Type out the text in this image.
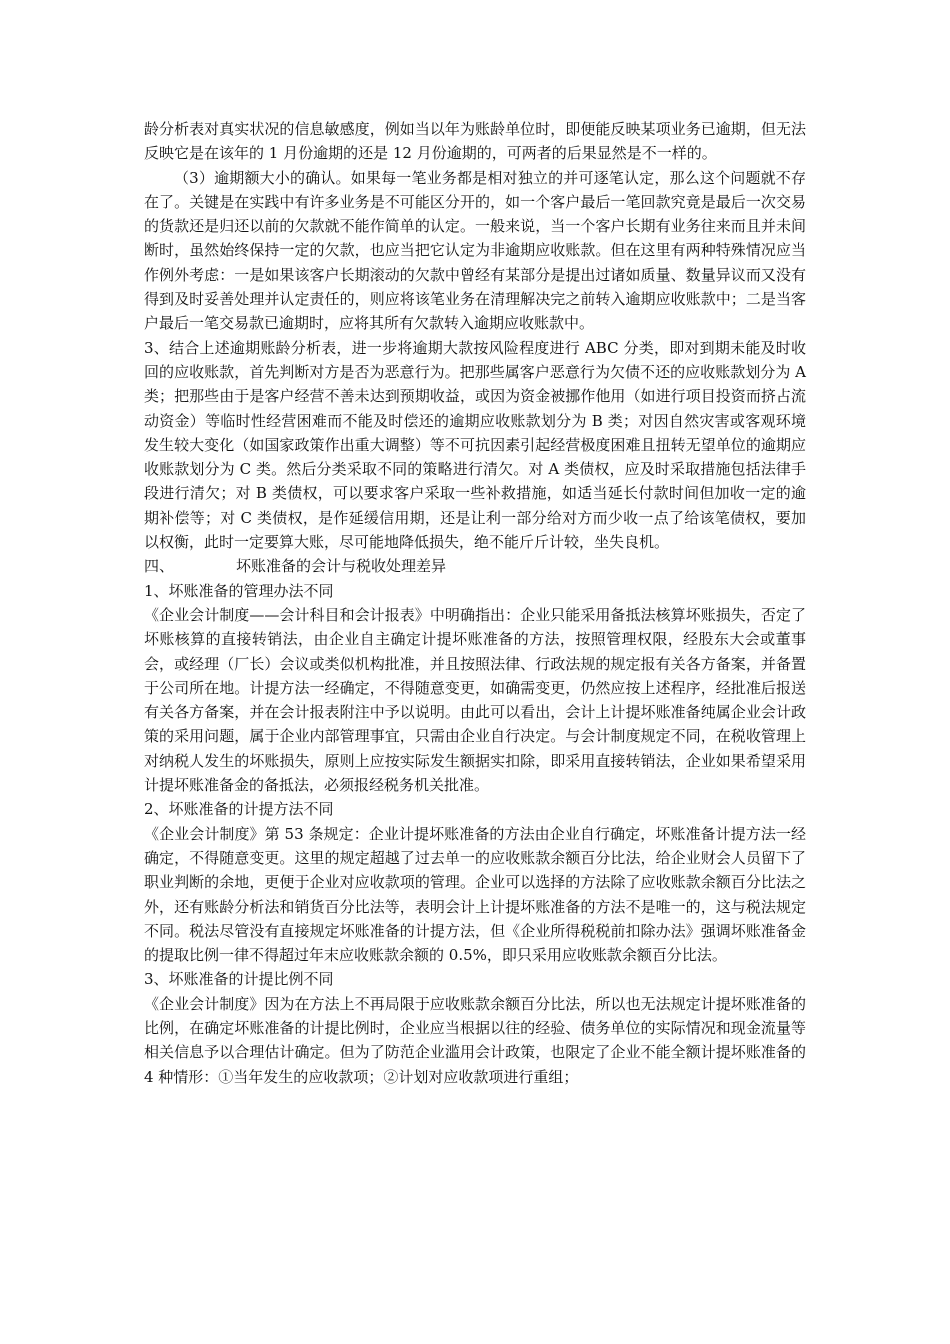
龄分析表对真实状况的信息敏感度，例如当以年为账龄单位时，即便能反映某项业务已逾期，但无法反映它是在该年的 1 月份逾期的还是 12 月份逾期的，可两者的后果显然是不一样的。

（3）逾期额大小的确认。如果每一笔业务都是相对独立的并可逐笔认定，那么这个问题就不存在了。关键是在实践中有许多业务是不可能区分开的，如一个客户最后一笔回款究竟是最后一次交易的货款还是归还以前的欠款就不能作简单的认定。一般来说，当一个客户长期有业务往来而且并未间断时，虽然始终保持一定的欠款，也应当把它认定为非逾期应收账款。但在这里有两种特殊情况应当作例外考虑：一是如果该客户长期滚动的欠款中曾经有某部分是提出过诸如质量、数量异议而又没有得到及时妥善处理并认定责任的，则应将该笔业务在清理解决完之前转入逾期应收账款中；二是当客户最后一笔交易款已逾期时，应将其所有欠款转入逾期应收账款中。

3、结合上述逾期账龄分析表，进一步将逾期大款按风险程度进行 ABC 分类，即对到期未能及时收回的应收账款，首先判断对方是否为恶意行为。把那些属客户恶意行为欠债不还的应收账款划分为 A 类；把那些由于是客户经营不善未达到预期收益，或因为资金被挪作他用（如进行项目投资而挤占流动资金）等临时性经营困难而不能及时偿还的逾期应收账款划分为 B 类；对因自然灾害或客观环境发生较大变化（如国家政策作出重大调整）等不可抗因素引起经营极度困难且扭转无望单位的逾期应收账款划分为 C 类。然后分类采取不同的策略进行清欠。对 A 类债权，应及时采取措施包括法律手段进行清欠；对 B 类债权，可以要求客户采取一些补救措施，如适当延长付款时间但加收一定的逾期补偿等；对 C 类债权，是作延缓信用期，还是让利一部分给对方而少收一点了给该笔债权，要加以权衡，此时一定要算大账，尽可能地降低损失，绝不能斤斤计较，坐失良机。

四、	坏账准备的会计与税收处理差异

1、坏账准备的管理办法不同

《企业会计制度——会计科目和会计报表》中明确指出：企业只能采用备抵法核算坏账损失，否定了坏账核算的直接转销法，由企业自主确定计提坏账准备的方法，按照管理权限，经股东大会或董事会，或经理（厂长）会议或类似机构批准，并且按照法律、行政法规的规定报有关各方备案，并备置于公司所在地。计提方法一经确定，不得随意变更，如确需变更，仍然应按上述程序，经批准后报送有关各方备案，并在会计报表附注中予以说明。由此可以看出，会计上计提坏账准备纯属企业会计政策的采用问题，属于企业内部管理事宜，只需由企业自行决定。与会计制度规定不同，在税收管理上对纳税人发生的坏账损失，原则上应按实际发生额据实扣除，即采用直接转销法，企业如果希望采用计提坏账准备金的备抵法，必须报经税务机关批准。

2、坏账准备的计提方法不同

《企业会计制度》第 53 条规定：企业计提坏账准备的方法由企业自行确定，坏账准备计提方法一经确定，不得随意变更。这里的规定超越了过去单一的应收账款余额百分比法，给企业财会人员留下了职业判断的余地，更便于企业对应收款项的管理。企业可以选择的方法除了应收账款余额百分比法之外，还有账龄分析法和销货百分比法等，表明会计上计提坏账准备的方法不是唯一的，这与税法规定不同。税法尽管没有直接规定坏账准备的计提方法，但《企业所得税税前扣除办法》强调坏账准备金的提取比例一律不得超过年末应收账款余额的 0.5%，即只采用应收账款余额百分比法。

3、坏账准备的计提比例不同

《企业会计制度》因为在方法上不再局限于应收账款余额百分比法，所以也无法规定计提坏账准备的比例，在确定坏账准备的计提比例时，企业应当根据以往的经验、债务单位的实际情况和现金流量等相关信息予以合理估计确定。但为了防范企业滥用会计政策，也限定了企业不能全额计提坏账准备的 4 种情形：①当年发生的应收款项；②计划对应收款项进行重组；
